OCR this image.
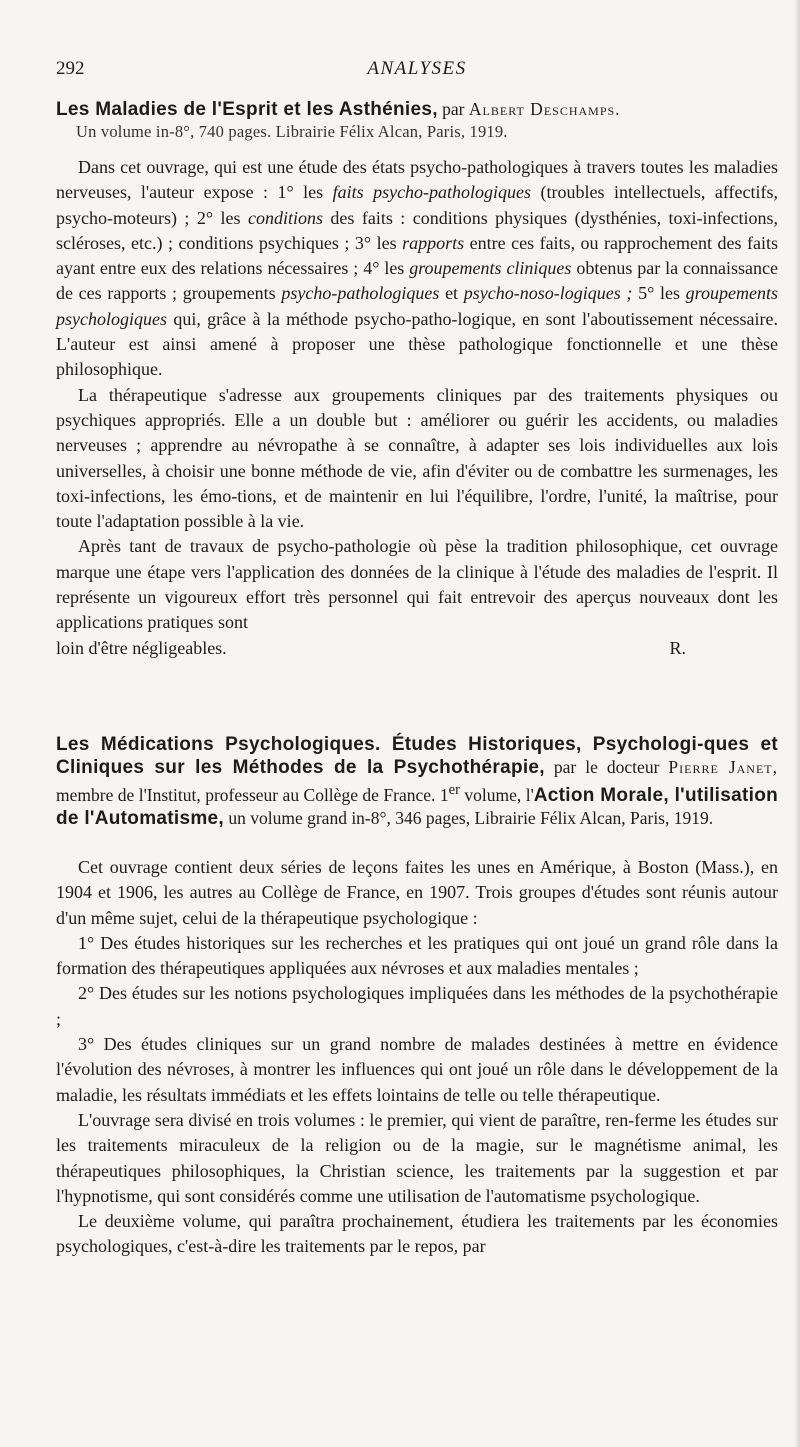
292	ANALYSES
Les Maladies de l'Esprit et les Asthénies, par Albert Deschamps.
Un volume in-8°, 740 pages. Librairie Félix Alcan, Paris, 1919.

Dans cet ouvrage, qui est une étude des états psycho-pathologiques à travers toutes les maladies nerveuses, l'auteur expose : 1° les faits psycho-pathologiques (troubles intellectuels, affectifs, psycho-moteurs) ; 2° les conditions des faits : conditions physiques (dysthénies, toxi-infections, scléroses, etc.) ; conditions psychiques ; 3° les rapports entre ces faits, ou rapprochement des faits ayant entre eux des relations nécessaires ; 4° les groupements cliniques obtenus par la connaissance de ces rapports ; groupements psycho-pathologiques et psycho-noso-logiques ; 5° les groupements psychologiques qui, grâce à la méthode psycho-patho-logique, en sont l'aboutissement nécessaire. L'auteur est ainsi amené à proposer une thèse pathologique fonctionnelle et une thèse philosophique.

La thérapeutique s'adresse aux groupements cliniques par des traitements physiques ou psychiques appropriés. Elle a un double but : améliorer ou guérir les accidents, ou maladies nerveuses ; apprendre au névropathe à se connaître, à adapter ses lois individuelles aux lois universelles, à choisir une bonne méthode de vie, afin d'éviter ou de combattre les surmenages, les toxi-infections, les émo-tions, et de maintenir en lui l'équilibre, l'ordre, l'unité, la maîtrise, pour toute l'adaptation possible à la vie.

Après tant de travaux de psycho-pathologie où pèse la tradition philosophique, cet ouvrage marque une étape vers l'application des données de la clinique à l'étude des maladies de l'esprit. Il représente un vigoureux effort très personnel qui fait entrevoir des aperçus nouveaux dont les applications pratiques sont

loin d'être négligeables.	R.
Les Médications Psychologiques. Études Historiques, Psychologi-ques et Cliniques sur les Méthodes de la Psychothérapie, par le docteur Pierre Janet, membre de l'Institut, professeur au Collège de France. 1er volume, l'Action Morale, l'utilisation de l'Automatisme, un volume grand in-8°, 346 pages, Librairie Félix Alcan, Paris, 1919.

Cet ouvrage contient deux séries de leçons faites les unes en Amérique, à Boston (Mass.), en 1904 et 1906, les autres au Collège de France, en 1907. Trois groupes d'études sont réunis autour d'un même sujet, celui de la thérapeutique psychologique :

1° Des études historiques sur les recherches et les pratiques qui ont joué un grand rôle dans la formation des thérapeutiques appliquées aux névroses et aux maladies mentales ;

2° Des études sur les notions psychologiques impliquées dans les méthodes de la psychothérapie ;

3° Des études cliniques sur un grand nombre de malades destinées à mettre en évidence l'évolution des névroses, à montrer les influences qui ont joué un rôle dans le développement de la maladie, les résultats immédiats et les effets lointains de telle ou telle thérapeutique.

L'ouvrage sera divisé en trois volumes : le premier, qui vient de paraître, ren-ferme les études sur les traitements miraculeux de la religion ou de la magie, sur le magnétisme animal, les thérapeutiques philosophiques, la Christian science, les traitements par la suggestion et par l'hypnotisme, qui sont considérés comme une utilisation de l'automatisme psychologique.

Le deuxième volume, qui paraîtra prochainement, étudiera les traitements par les économies psychologiques, c'est-à-dire les traitements par le repos, par
